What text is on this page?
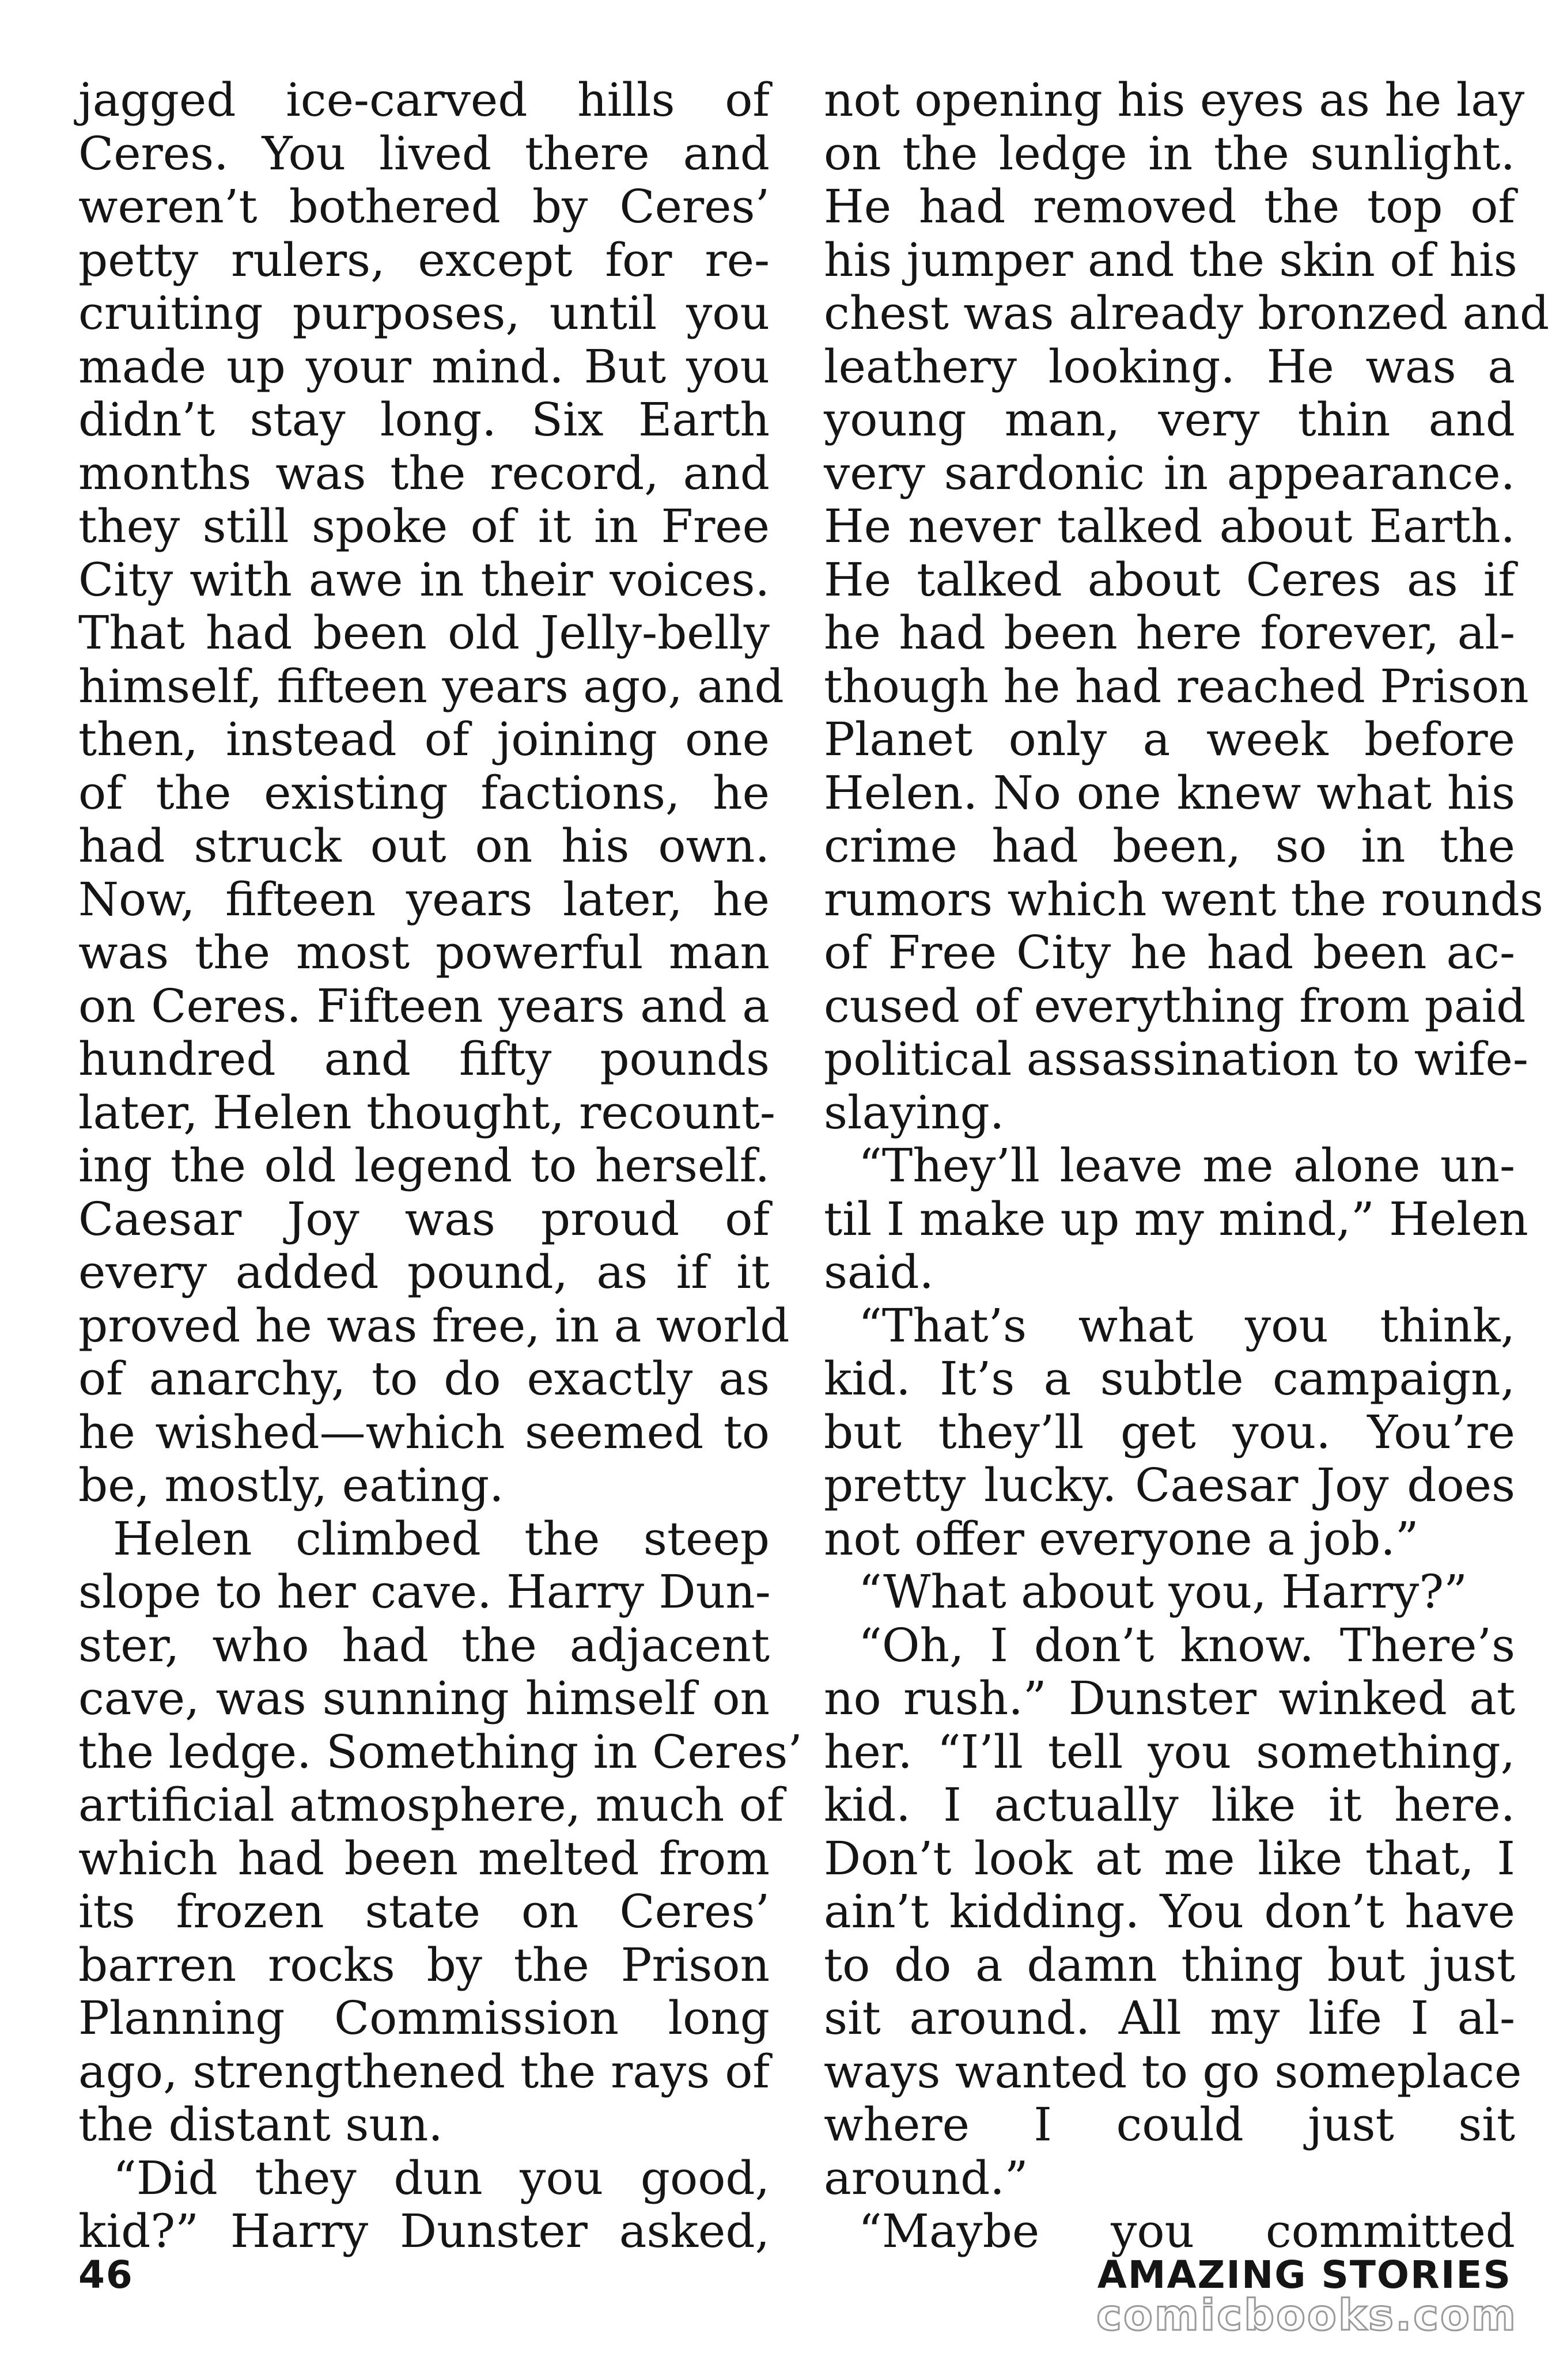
jagged ice-carved hills of
Ceres. You lived there and
weren’t bothered by Ceres’
petty rulers, except for re-
cruiting purposes, until you
made up your mind. But you
didn’t stay long. Six Earth
months was the record, and
they still spoke of it in Free
City with awe in their voices.
That had been old Jelly-belly
himself, fifteen years ago, and
then, instead of joining one
of the existing factions, he
had struck out on his own.
Now, fifteen years later, he
was the most powerful man
on Ceres. Fifteen years and a
hundred and fifty pounds
later, Helen thought, recount-
ing the old legend to herself.
Caesar Joy was proud of
every added pound, as if it
proved he was free, in a world
of anarchy, to do exactly as
he wished—which seemed to
be, mostly, eating.
Helen climbed the steep
slope to her cave. Harry Dun-
ster, who had the adjacent
cave, was sunning himself on
the ledge. Something in Ceres’
artificial atmosphere, much of
which had been melted from
its frozen state on Ceres’
barren rocks by the Prison
Planning Commission long
ago, strengthened the rays of
the distant sun.
“Did they dun you good,
kid?” Harry Dunster asked,
not opening his eyes as he lay
on the ledge in the sunlight.
He had removed the top of
his jumper and the skin of his
chest was already bronzed and
leathery looking. He was a
young man, very thin and
very sardonic in appearance.
He never talked about Earth.
He talked about Ceres as if
he had been here forever, al-
though he had reached Prison
Planet only a week before
Helen. No one knew what his
crime had been, so in the
rumors which went the rounds
of Free City he had been ac-
cused of everything from paid
political assassination to wife-
slaying.
“They’ll leave me alone un-
til I make up my mind,” Helen
said.
“That’s what you think,
kid. It’s a subtle campaign,
but they’ll get you. You’re
pretty lucky. Caesar Joy does
not offer everyone a job.”
“What about you, Harry?”
“Oh, I don’t know. There’s
no rush.” Dunster winked at
her. “I’ll tell you something,
kid. I actually like it here.
Don’t look at me like that, I
ain’t kidding. You don’t have
to do a damn thing but just
sit around. All my life I al-
ways wanted to go someplace
where I could just sit
around.”
“Maybe you committed
46	AMAZING STORIES
comicbooks.com
